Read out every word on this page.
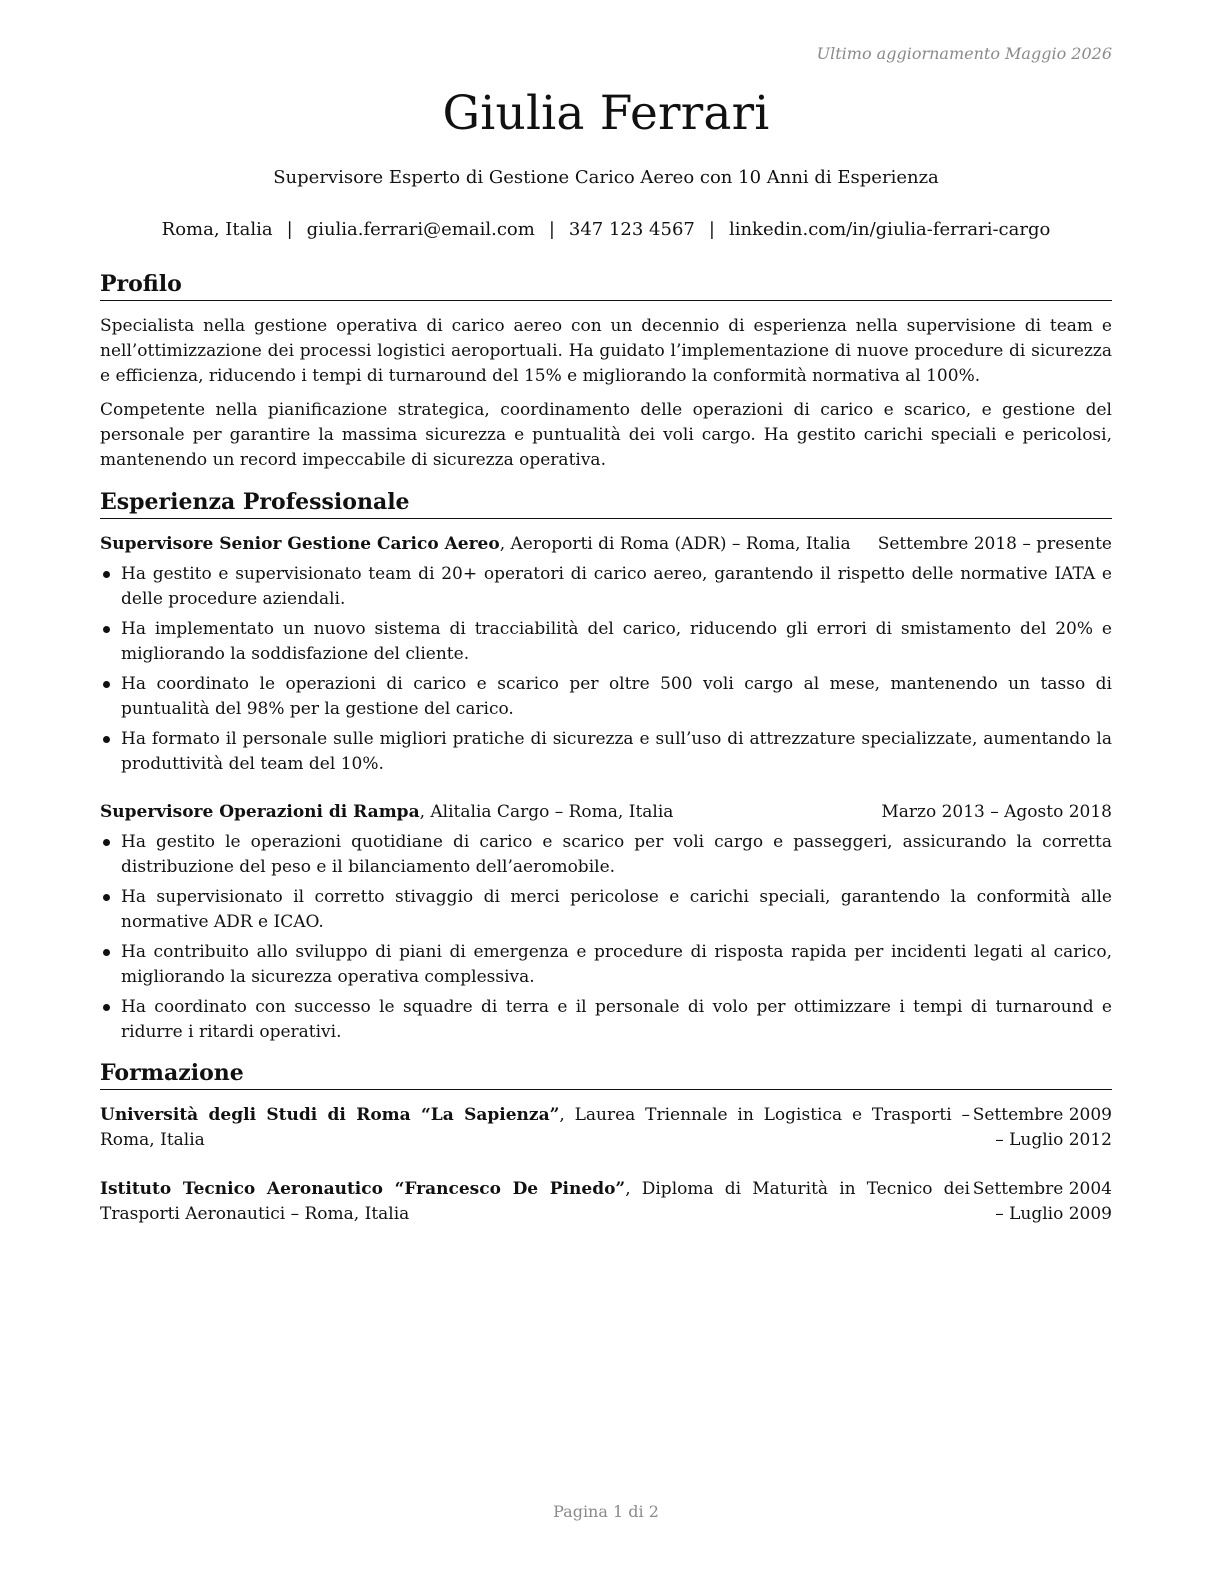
Ultimo aggiornamento Maggio 2026
Giulia Ferrari
Supervisore Esperto di Gestione Carico Aereo con 10 Anni di Esperienza
Roma, Italia | giulia.ferrari@email.com | 347 123 4567 | linkedin.com/in/giulia-ferrari-cargo
Profilo

Specialista nella gestione operativa di carico aereo con un decennio di esperienza nella supervisione di team e nell’ottimizzazione dei processi logistici aeroportuali. Ha guidato l’implementazione di nuove procedure di sicurezza e efficienza, riducendo i tempi di turnaround del 15% e migliorando la conformità normativa al 100%.

Competente nella pianificazione strategica, coordinamento delle operazioni di carico e scarico, e gestione del personale per garantire la massima sicurezza e puntualità dei voli cargo. Ha gestito carichi speciali e pericolosi, mantenendo un record impeccabile di sicurezza operativa.

Esperienza Professionale
Supervisore Senior Gestione Carico Aereo, Aeroporti di Roma (ADR) – Roma, Italia Settembre 2018 – presente
Ha gestito e supervisionato team di 20+ operatori di carico aereo, garantendo il rispetto delle normative IATA e delle procedure aziendali.
Ha implementato un nuovo sistema di tracciabilità del carico, riducendo gli errori di smistamento del 20% e migliorando la soddisfazione del cliente.
Ha coordinato le operazioni di carico e scarico per oltre 500 voli cargo al mese, mantenendo un tasso di puntualità del 98% per la gestione del carico.
Ha formato il personale sulle migliori pratiche di sicurezza e sull’uso di attrezzature specializzate, aumentando la produttività del team del 10%.
Supervisore Operazioni di Rampa, Alitalia Cargo – Roma, Italia	Marzo 2013 – Agosto 2018
Ha gestito le operazioni quotidiane di carico e scarico per voli cargo e passeggeri, assicurando la corretta distribuzione del peso e il bilanciamento dell’aeromobile.
Ha supervisionato il corretto stivaggio di merci pericolose e carichi speciali, garantendo la conformità alle normative ADR e ICAO.
Ha contribuito allo sviluppo di piani di emergenza e procedure di risposta rapida per incidenti legati al carico, migliorando la sicurezza operativa complessiva.
Ha coordinato con successo le squadre di terra e il personale di volo per ottimizzare i tempi di turnaround e ridurre i ritardi operativi.
Formazione
Università degli Studi di Roma “La Sapienza”, Laurea Triennale in Logistica e Trasporti – Roma, Italia
Settembre 2009 – Luglio 2012
Istituto Tecnico Aeronautico “Francesco De Pinedo”, Diploma di Maturità in Tecnico dei Trasporti Aeronautici – Roma, Italia
Settembre 2004 – Luglio 2009
Pagina 1 di 2
